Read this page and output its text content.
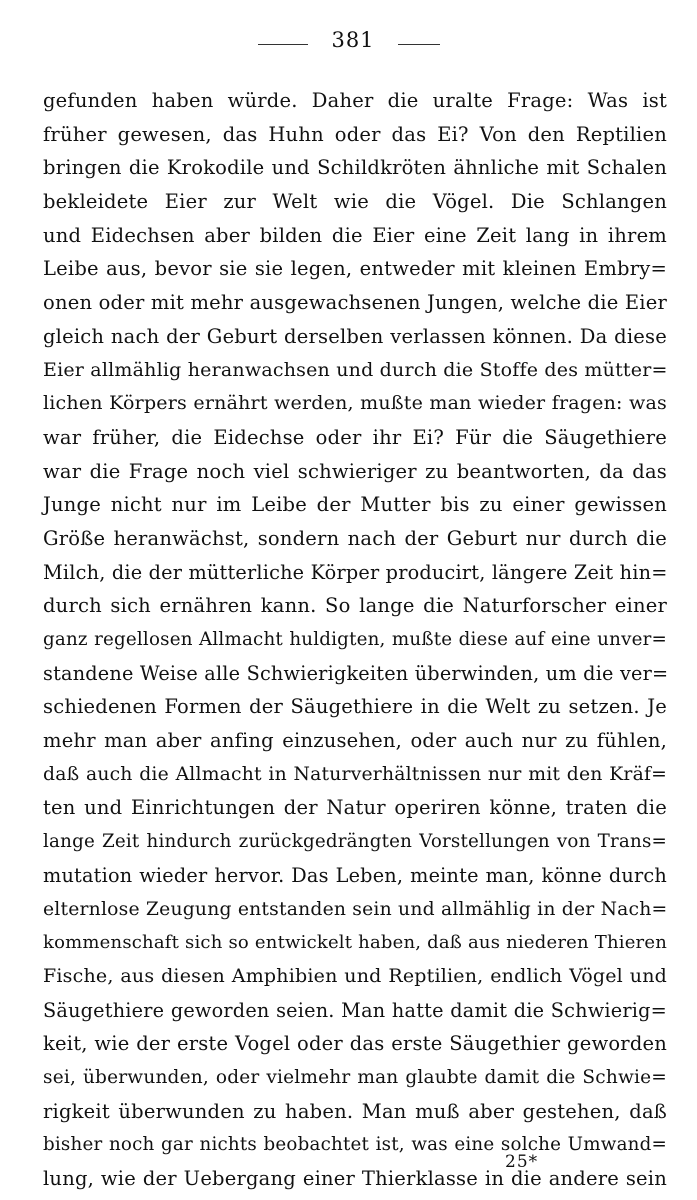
381
gefunden haben würde. Daher die uralte Frage: Was ist
früher gewesen, das Huhn oder das Ei? Von den Reptilien
bringen die Krokodile und Schildkröten ähnliche mit Schalen
bekleidete Eier zur Welt wie die Vögel. Die Schlangen
und Eidechsen aber bilden die Eier eine Zeit lang in ihrem
Leibe aus, bevor sie sie legen, entweder mit kleinen Embry=
onen oder mit mehr ausgewachsenen Jungen, welche die Eier
gleich nach der Geburt derselben verlassen können. Da diese
Eier allmählig heranwachsen und durch die Stoffe des mütter=
lichen Körpers ernährt werden, mußte man wieder fragen: was
war früher, die Eidechse oder ihr Ei? Für die Säugethiere
war die Frage noch viel schwieriger zu beantworten, da das
Junge nicht nur im Leibe der Mutter bis zu einer gewissen
Größe heranwächst, sondern nach der Geburt nur durch die
Milch, die der mütterliche Körper producirt, längere Zeit hin=
durch sich ernähren kann. So lange die Naturforscher einer
ganz regellosen Allmacht huldigten, mußte diese auf eine unver=
standene Weise alle Schwierigkeiten überwinden, um die ver=
schiedenen Formen der Säugethiere in die Welt zu setzen. Je
mehr man aber anfing einzusehen, oder auch nur zu fühlen,
daß auch die Allmacht in Naturverhältnissen nur mit den Kräf=
ten und Einrichtungen der Natur operiren könne, traten die
lange Zeit hindurch zurückgedrängten Vorstellungen von Trans=
mutation wieder hervor. Das Leben, meinte man, könne durch
elternlose Zeugung entstanden sein und allmählig in der Nach=
kommenschaft sich so entwickelt haben, daß aus niederen Thieren
Fische, aus diesen Amphibien und Reptilien, endlich Vögel und
Säugethiere geworden seien. Man hatte damit die Schwierig=
keit, wie der erste Vogel oder das erste Säugethier geworden
sei, überwunden, oder vielmehr man glaubte damit die Schwie=
rigkeit überwunden zu haben. Man muß aber gestehen, daß
bisher noch gar nichts beobachtet ist, was eine solche Umwand=
lung, wie der Uebergang einer Thierklasse in die andere sein
25*
